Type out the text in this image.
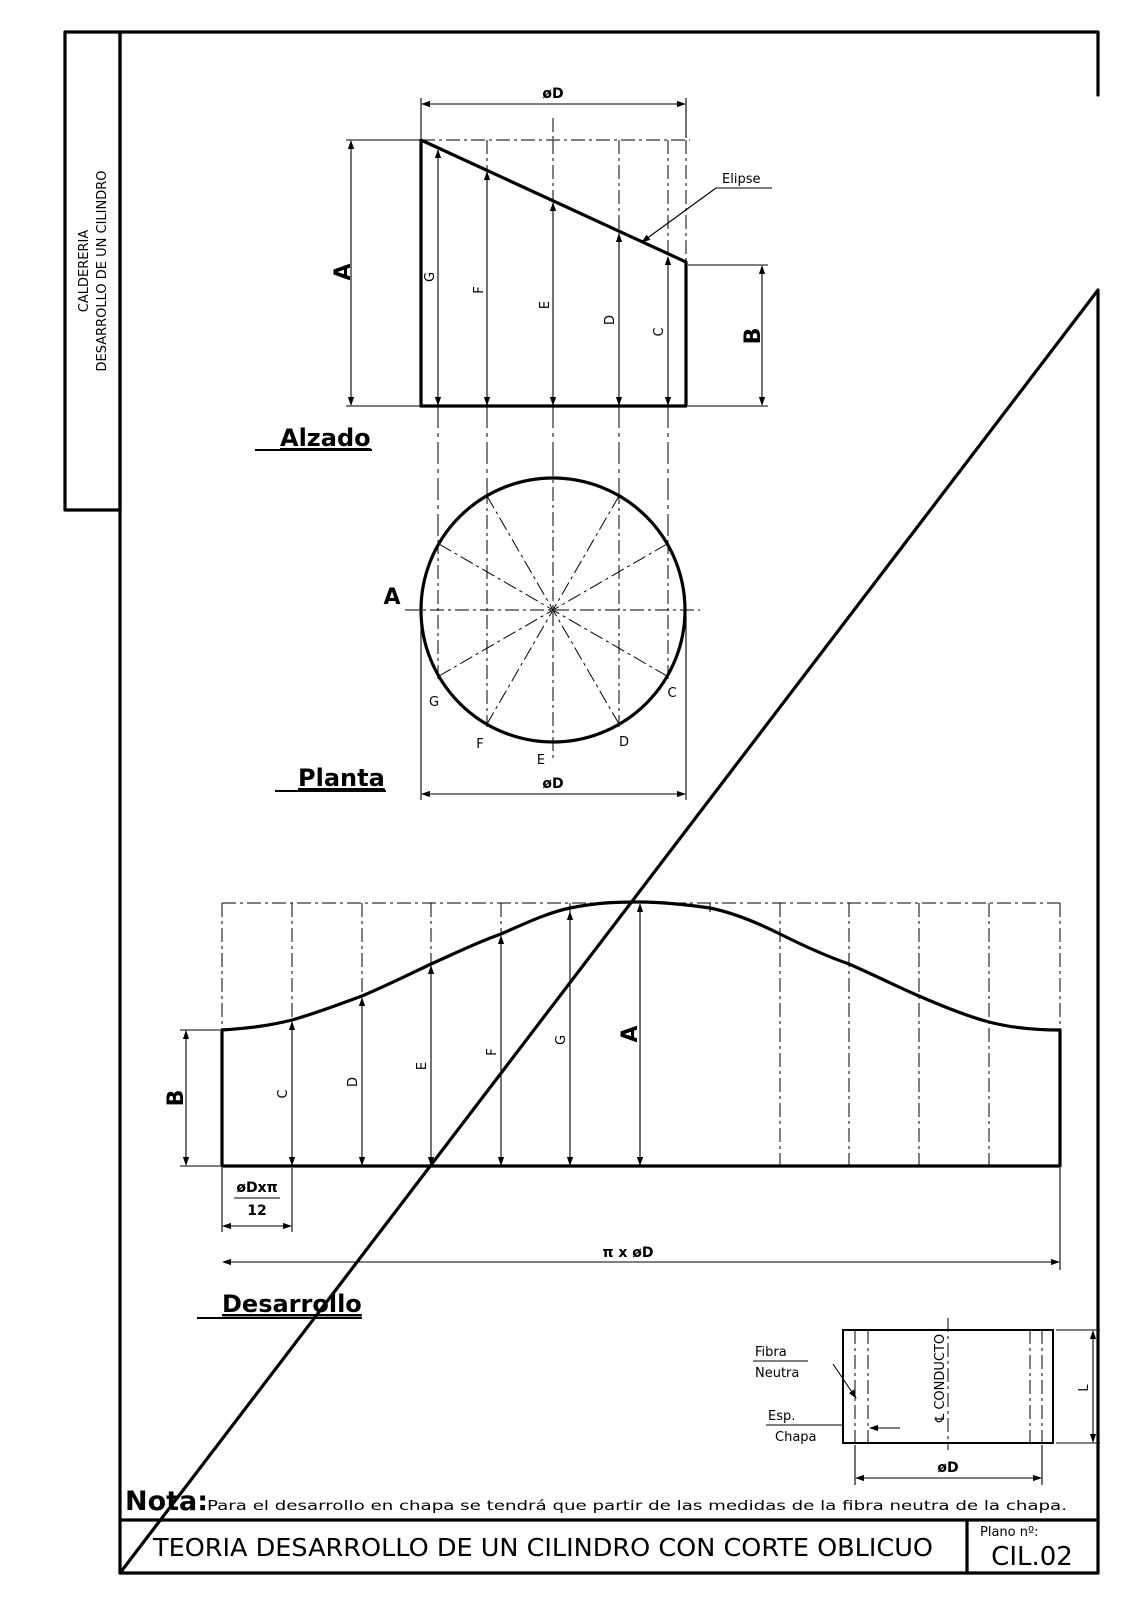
CALDERERIA DESARROLLO DE UN CILINDRO	G
F
E
D
C
øD
A
B
Elipse
Alzado
A
G
F
E
D
C
øD
Planta
C
D
E
F
G A
B
øDxπ
12
π x øD
Desarrollo
℄ CONDUCTO
Fibra
Neutra
Esp.
Chapa
L
øD
Nota:
Para el desarrollo en chapa se tendrá que partir de las medidas de la fibra neutra de la chapa.
TEORIA DESARROLLO DE UN CILINDRO CON CORTE OBLICUO
Plano nº:
CIL.02
